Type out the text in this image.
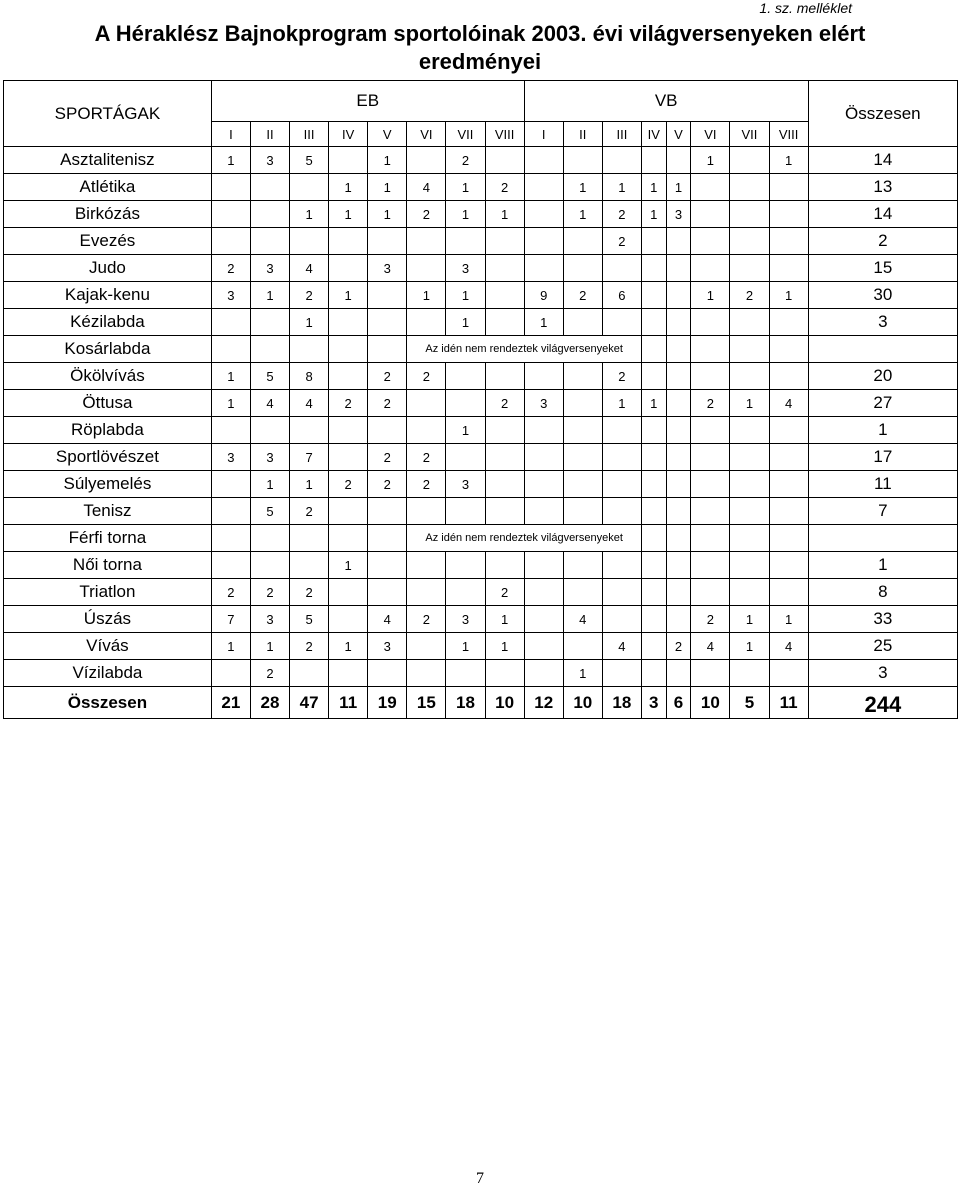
1. sz. melléklet
A Héraklész Bajnokprogram sportolóinak 2003. évi világversenyeken elért
eredményei
SPORTÁGAK	EB								VB								Összesen
	I	II	III	IV	V	VI	VII	VIII	I	II	III	IV	V	VI	VII	VIII	
Asztalitenisz	1	3	5		1		2							1		1	14
Atlétika				1	1	4	1	2		1	1	1	1				13
Birkózás			1	1	1	2	1	1		1	2	1	3				14
Evezés											2						2
Judo	2	3	4		3		3										15
Kajak-kenu	3	1	2	1		1	1		9	2	6			1	2	1	30
Kézilabda			1				1		1								3
Kosárlabda						Az idén nem rendeztek világversenyeket											
Ökölvívás	1	5	8		2	2					2						20
Öttusa	1	4	4	2	2			2	3		1	1		2	1	4	27
Röplabda							1										1
Sportlövészet	3	3	7		2	2											17
Súlyemelés		1	1	2	2	2	3										11
Tenisz		5	2														7
Férfi torna						Az idén nem rendeztek világversenyeket											
Női torna				1													1
Triatlon	2	2	2					2									8
Úszás	7	3	5		4	2	3	1		4				2	1	1	33
Vívás	1	1	2	1	3		1	1			4		2	4	1	4	25
Vízilabda		2								1							3
Összesen	21	28	47	11	19	15	18	10	12	10	18	3	6	10	5	11	244
7
